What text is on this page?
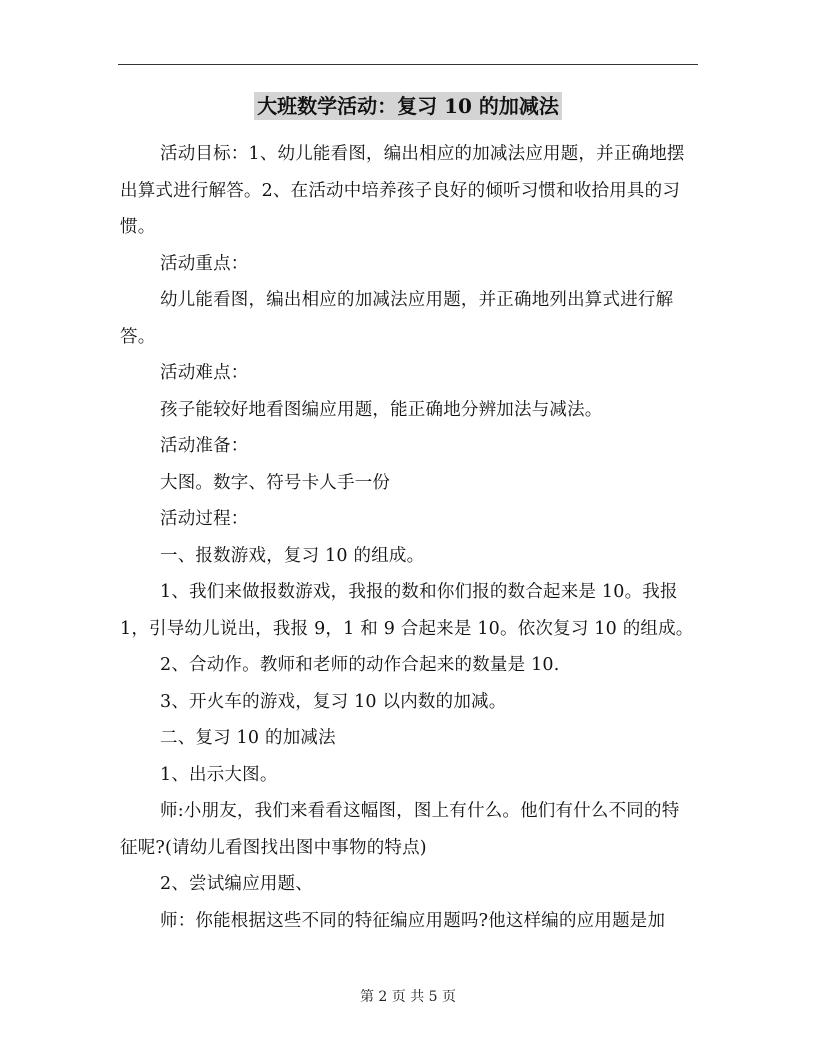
大班数学活动：复习 10 的加减法

活动目标：1、幼儿能看图，编出相应的加减法应用题，并正确地摆出算式进行解答。2、在活动中培养孩子良好的倾听习惯和收拾用具的习惯。

活动重点：

幼儿能看图，编出相应的加减法应用题，并正确地列出算式进行解答。

活动难点：

孩子能较好地看图编应用题，能正确地分辨加法与减法。

活动准备：

大图。数字、符号卡人手一份

活动过程：

一、报数游戏，复习 10 的组成。

1、我们来做报数游戏，我报的数和你们报的数合起来是 10。我报 1，引导幼儿说出，我报 9，1 和 9 合起来是 10。依次复习 10 的组成。

2、合动作。教师和老师的动作合起来的数量是 10.

3、开火车的游戏，复习 10 以内数的加减。

二、复习 10 的加减法

1、出示大图。

师:小朋友，我们来看看这幅图，图上有什么。他们有什么不同的特征呢?(请幼儿看图找出图中事物的特点)

2、尝试编应用题、

师：你能根据这些不同的特征编应用题吗?他这样编的应用题是加

第 2 页 共 5 页
